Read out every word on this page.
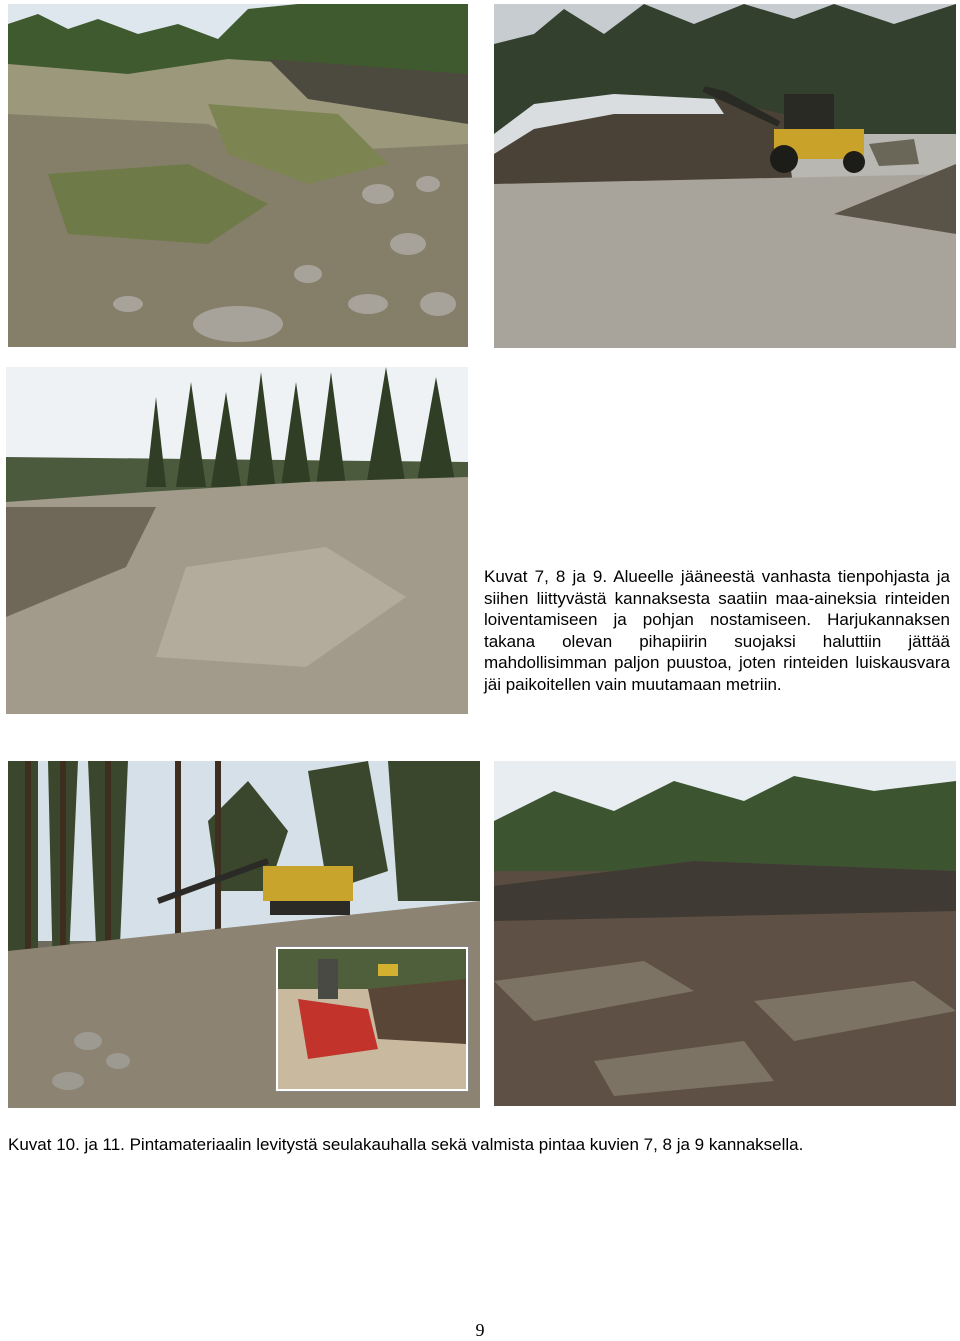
Kuvat 7, 8 ja 9. Alueelle jääneestä vanhasta tienpohjasta ja siihen liittyvästä kannaksesta saatiin maa-aineksia rinteiden loiventamiseen ja pohjan nostamiseen. Harjukannaksen takana olevan pihapiirin suojaksi haluttiin jättää mahdollisimman paljon puustoa, joten rinteiden luiskausvara jäi paikoitellen vain muutamaan metriin.
Kuvat 10. ja 11. Pintamateriaalin levitystä seulakauhalla sekä valmista pintaa kuvien 7, 8 ja 9 kannaksella.
9
